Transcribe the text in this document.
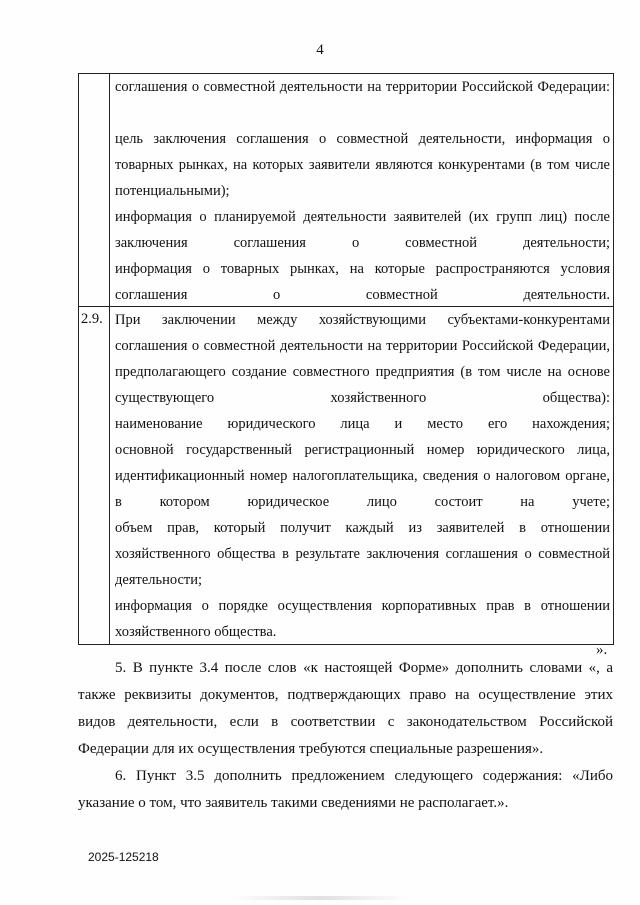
4
2.9.
соглашения о совместной деятельности на территории Российской Федерации:
цель заключения соглашения о совместной деятельности, информация о товарных рынках, на которых заявители являются конкурентами (в том числе потенциальными);
информация о планируемой деятельности заявителей (их групп лиц) после заключения соглашения о совместной деятельности;
информация о товарных рынках, на которые распространяются условия соглашения о совместной деятельности.
При заключении между хозяйствующими субъектами-конкурентами соглашения о совместной деятельности на территории Российской Федерации, предполагающего создание совместного предприятия (в том числе на основе существующего хозяйственного общества):
наименование юридического лица и место его нахождения;
основной государственный регистрационный номер юридического лица, идентификационный номер налогоплательщика, сведения о налоговом органе, в котором юридическое лицо состоит на учете;
объем прав, который получит каждый из заявителей в отношении хозяйственного общества в результате заключения соглашения о совместной деятельности;
информация о порядке осуществления корпоративных прав в отношении хозяйственного общества.
».
5. В пункте 3.4 после слов «к настоящей Форме» дополнить словами «, а также реквизиты документов, подтверждающих право на осуществление этих видов деятельности, если в соответствии с законодательством Российской Федерации для их осуществления требуются специальные разрешения».
6. Пункт 3.5 дополнить предложением следующего содержания: «Либо указание о том, что заявитель такими сведениями не располагает.».
2025-125218
